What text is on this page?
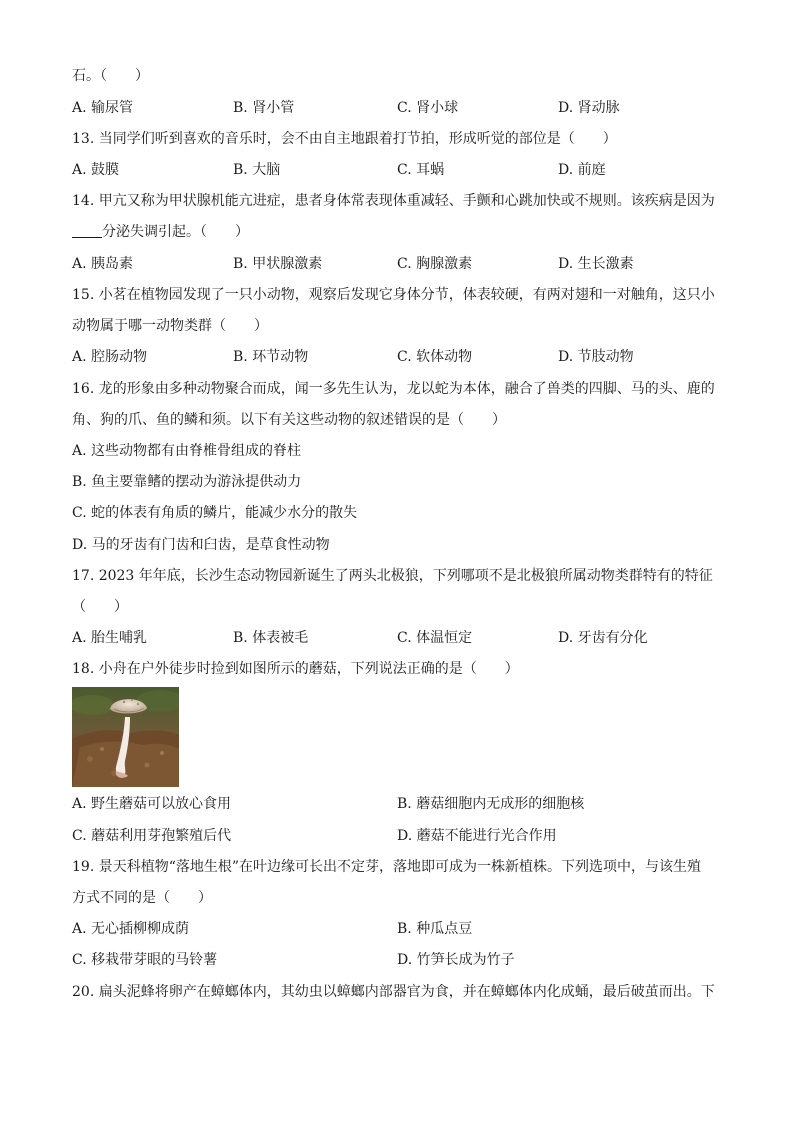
石。（　　）
A. 输尿管	B. 肾小管	C. 肾小球	D. 肾动脉
13. 当同学们听到喜欢的音乐时，会不由自主地跟着打节拍，形成听觉的部位是（　　）
A. 鼓膜	B. 大脑	C. 耳蜗	D. 前庭
14. 甲亢又称为甲状腺机能亢进症，患者身体常表现体重减轻、手颤和心跳加快或不规则。该疾病是因为
分泌失调引起。（　　）
A. 胰岛素	B. 甲状腺激素	C. 胸腺激素	D. 生长激素
15. 小茗在植物园发现了一只小动物，观察后发现它身体分节，体表较硬，有两对翅和一对触角，这只小
动物属于哪一动物类群（　　）
A. 腔肠动物	B. 环节动物	C. 软体动物	D. 节肢动物
16. 龙的形象由多种动物聚合而成，闻一多先生认为，龙以蛇为本体，融合了兽类的四脚、马的头、鹿的
角、狗的爪、鱼的鳞和须。以下有关这些动物的叙述错误的是（　　）
A. 这些动物都有由脊椎骨组成的脊柱
B. 鱼主要靠鳍的摆动为游泳提供动力
C. 蛇的体表有角质的鳞片，能减少水分的散失
D. 马的牙齿有门齿和臼齿，是草食性动物
17. 2023 年年底，长沙生态动物园新诞生了两头北极狼，下列哪项不是北极狼所属动物类群特有的特征
（　　）
A. 胎生哺乳	B. 体表被毛	C. 体温恒定	D. 牙齿有分化
18. 小舟在户外徒步时捡到如图所示的蘑菇，下列说法正确的是（　　）
A. 野生蘑菇可以放心食用	B. 蘑菇细胞内无成形的细胞核
C. 蘑菇利用芽孢繁殖后代	D. 蘑菇不能进行光合作用
19. 景天科植物“落地生根”在叶边缘可长出不定芽，落地即可成为一株新植株。下列选项中，与该生殖
方式不同的是（　　）
A. 无心插柳柳成荫	B. 种瓜点豆
C. 移栽带芽眼的马铃薯	D. 竹笋长成为竹子
20. 扁头泥蜂将卵产在蟑螂体内，其幼虫以蟑螂内部器官为食，并在蟑螂体内化成蛹，最后破茧而出。下
